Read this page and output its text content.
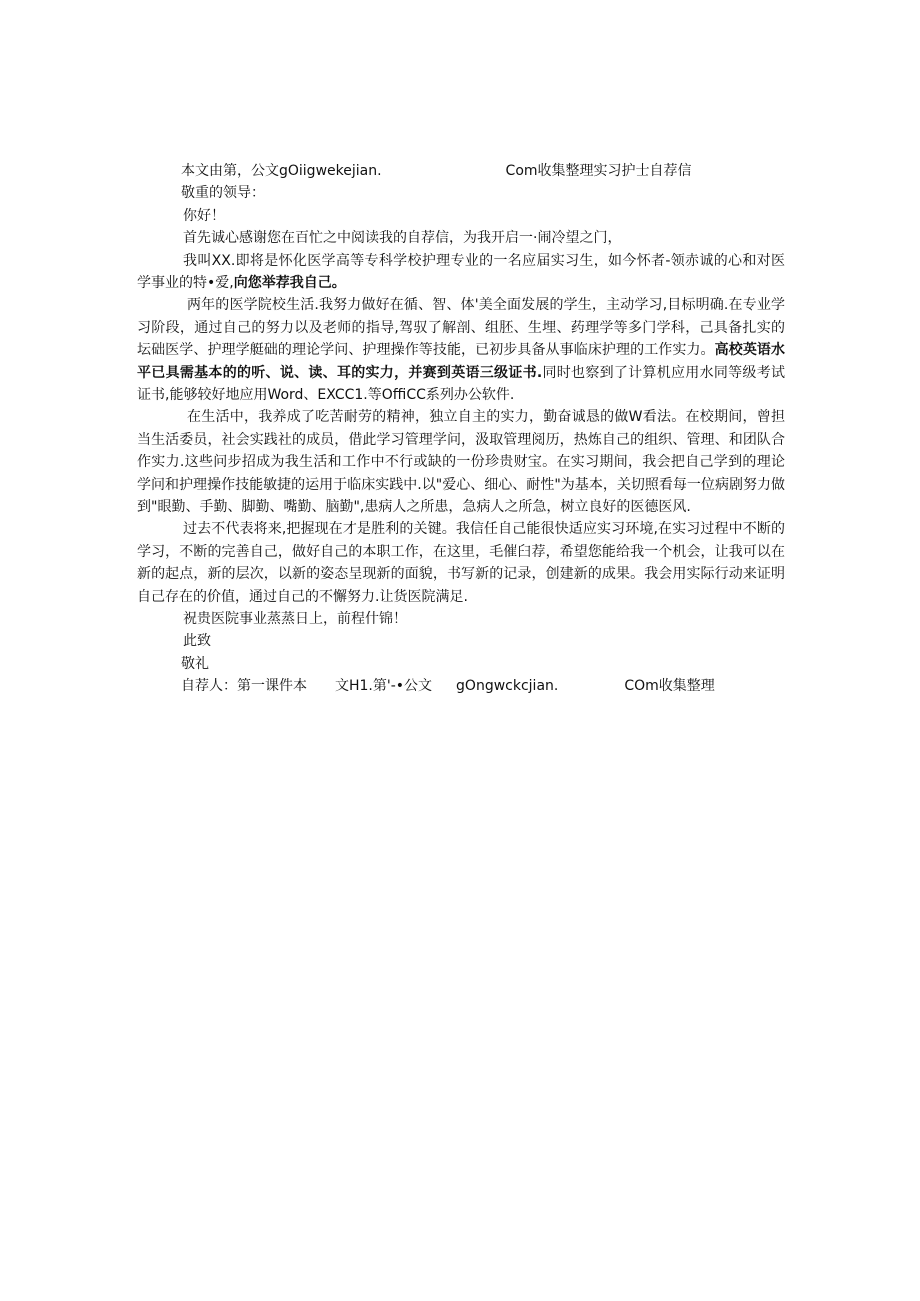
本文由第，公文gOiigwekejian.	Com收集整理实习护士自荐信
敬重的领导：
你好！
首先诚心感谢您在百忙之中阅读我的自荐信，为我开启一·闹冷望之门，
我叫XX.即将是怀化医学高等专科学校护理专业的一名应届实习生，如今怀者-领赤诚的心和对医学事业的特•爱,向您举荐我自己。
两年的医学院校生活.我努力做好在循、智、体'美全面发展的学生，主动学习,目标明确.在专业学习阶段，通过自己的努力以及老师的指导,驾驭了解剖、组胚、生埋、药理学等多门学科，己具备扎实的坛础医学、护理学艇础的理论学问、护理操作等技能，已初步具备从事临床护理的工作实力。高校英语水平已具需基本的的听、说、读、耳的实力，并赛到英语三级证书.同时也察到了计算机应用水同等级考试证书,能够较好地应用Word、EXCC1.等OffiCC系列办公软件.
在生活中，我养成了吃苦耐劳的精神，独立自主的实力，勤奋诚恳的做W看法。在校期间，曾担当生活委员，社会实践社的成员，借此学习管理学问，汲取管理阅历，热炼自己的组织、管理、和团队合作实力.这些问步招成为我生活和工作中不行或缺的一份珍贵财宝。在实习期间，我会把自己学到的理论学问和护理操作技能敏捷的运用于临床实践中.以"爱心、细心、耐性"为基本，关切照看每一位病剧努力做到"眼勤、手勤、脚勤、嘴勤、脑勤",患病人之所患，急病人之所急，树立良好的医德医风.
过去不代表将来,把握现在才是胜利的关键。我信任自己能很快适应实习环境,在实习过程中不断的学习，不断的完善自己，做好自己的本职工作，在这里，毛催臼荐，希望您能给我一个机会，让我可以在新的起点，新的层次，以新的姿态呈现新的面貌，书写新的记录，创建新的成果。我会用实际行动来证明自己存在的价值，通过自己的不懈努力.让货医院满足.
祝贵医院事业蒸蒸日上，前程什锦！
此致
敬礼
自荐人：第一课件本 文H1.第'-•公文 gOngwckcjian.	COm收集整理
